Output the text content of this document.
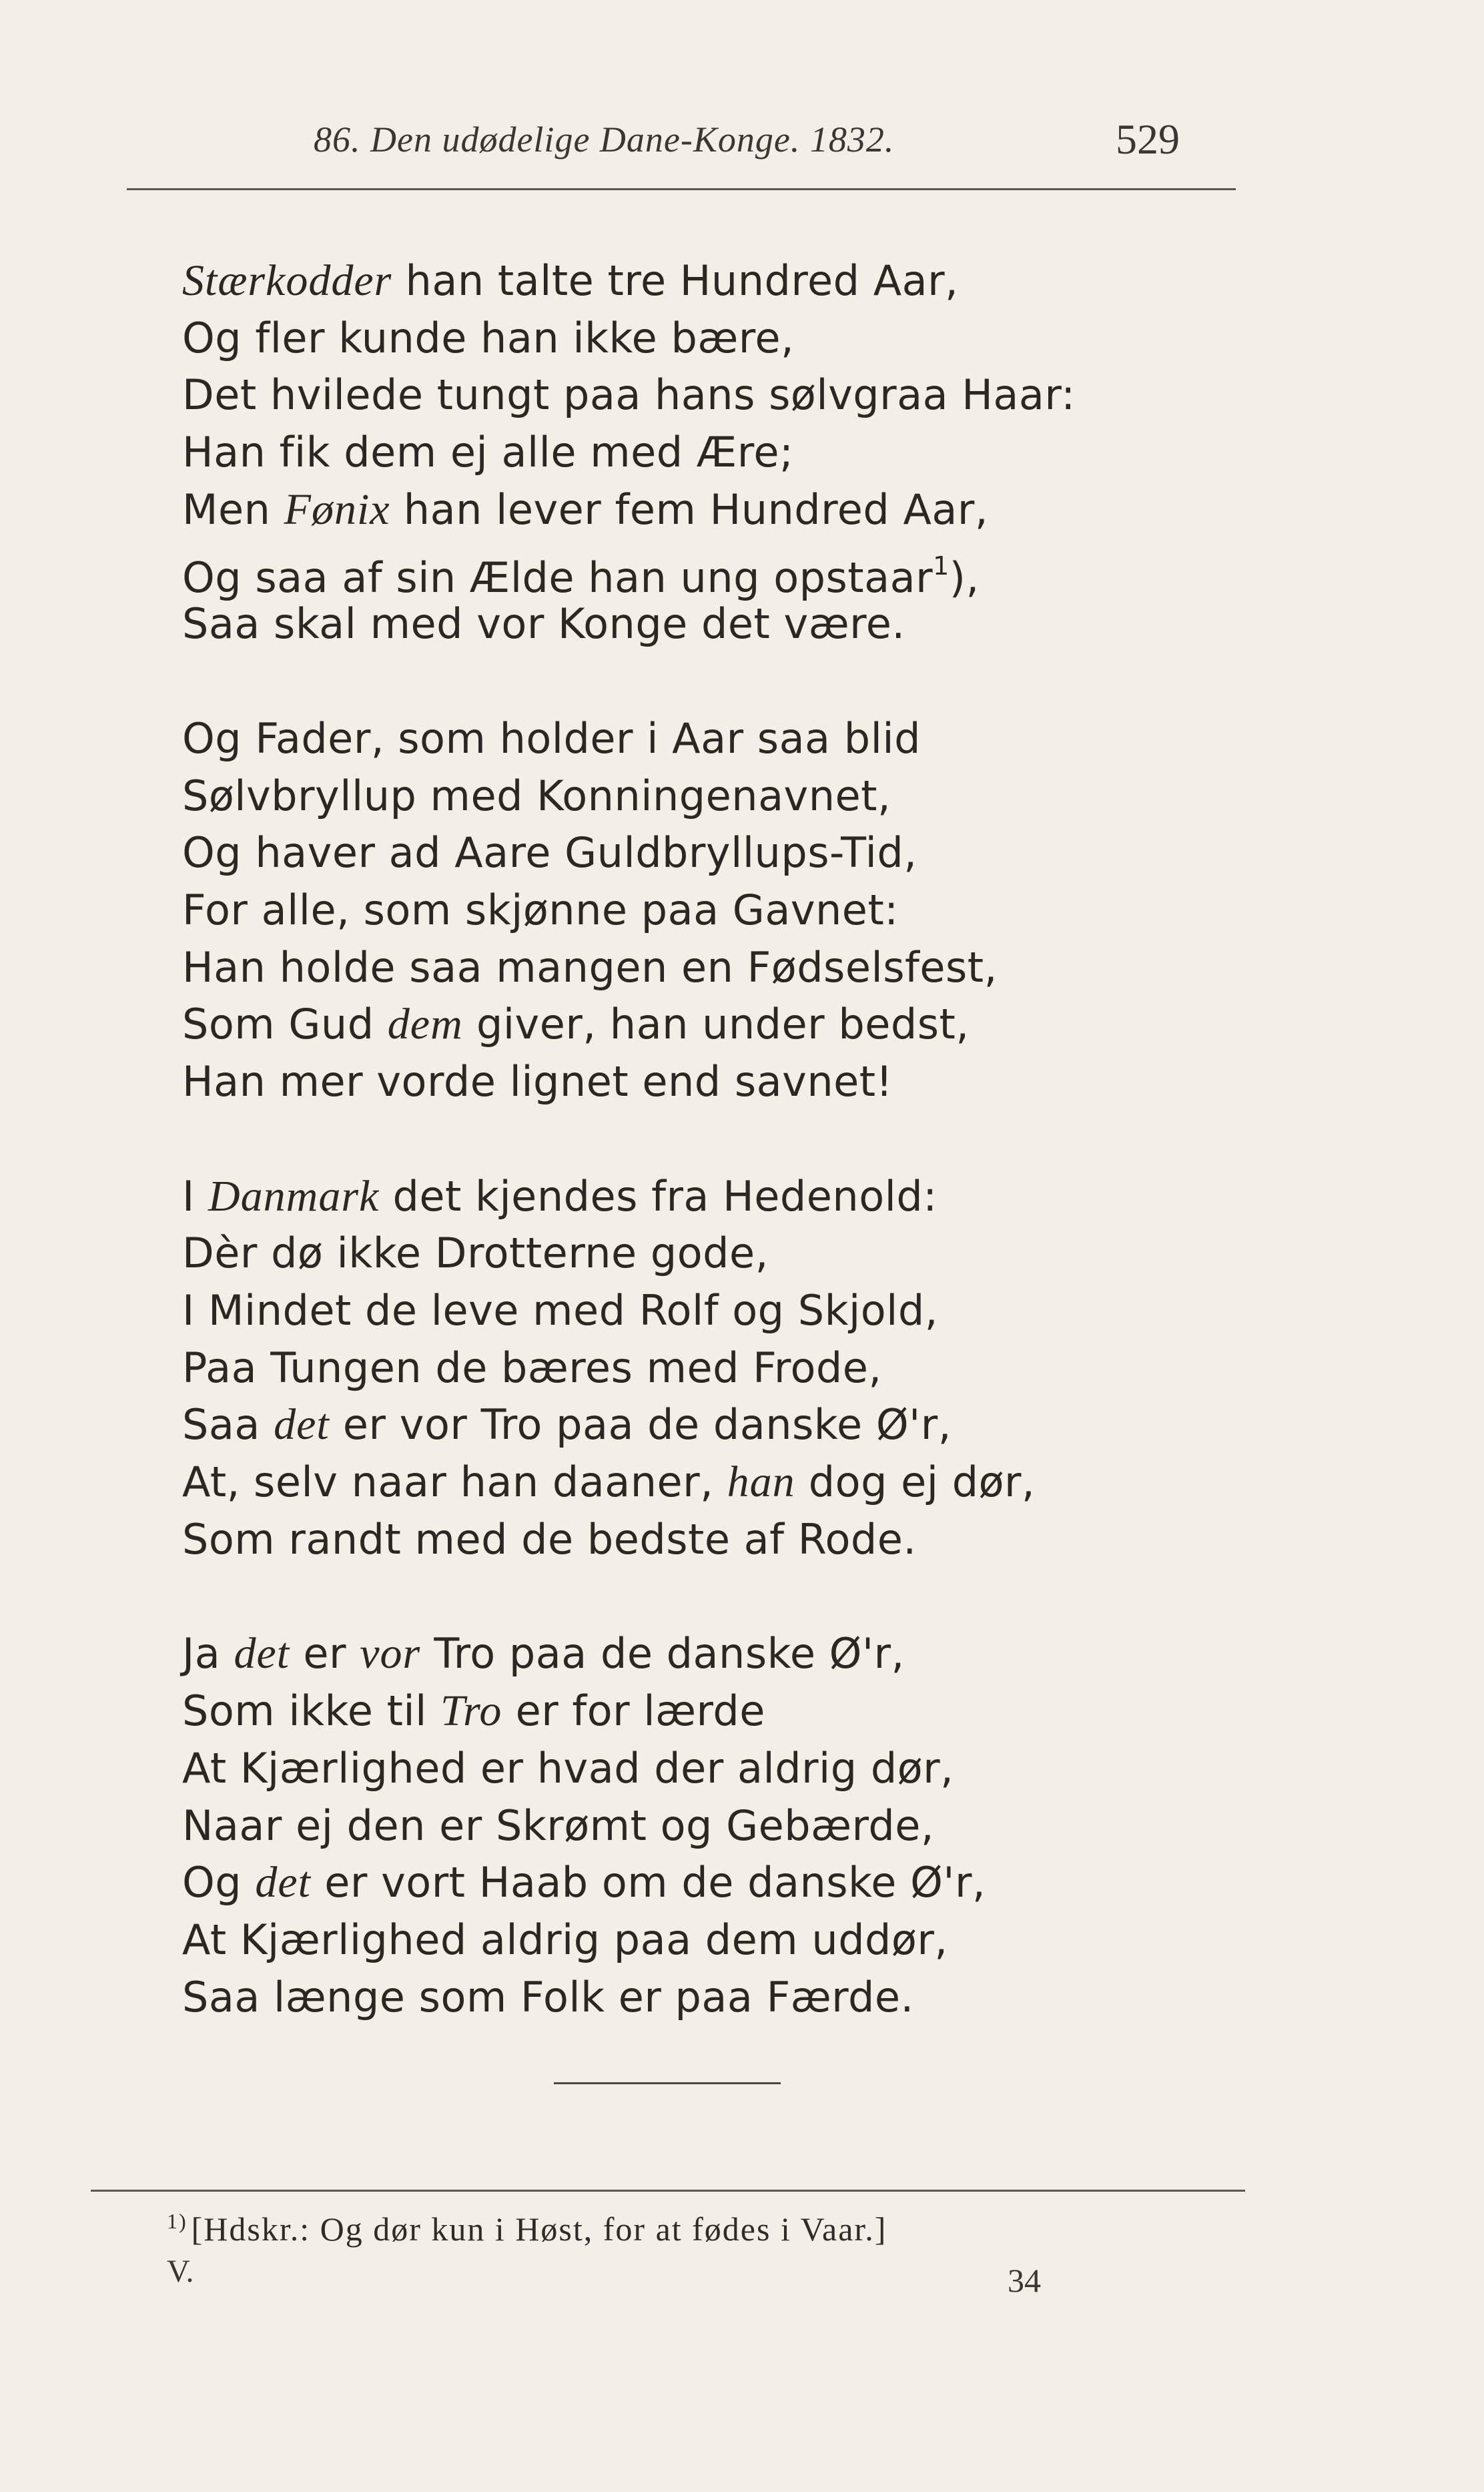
86. Den udødelige Dane-Konge. 1832.	529
Stærkodder han talte tre Hundred Aar,
Og fler kunde han ikke bære,
Det hvilede tungt paa hans sølvgraa Haar:
Han fik dem ej alle med Ære;
Men Fønix han lever fem Hundred Aar,
Og saa af sin Ælde han ung opstaar$^1$),
Saa skal med vor Konge det være.
Og Fader, som holder i Aar saa blid
Sølvbryllup med Konningenavnet,
Og haver ad Aare Guldbryllups-Tid,
For alle, som skjønne paa Gavnet:
Han holde saa mangen en Fødselsfest,
Som Gud dem giver, han under bedst,
Han mer vorde lignet end savnet!
I Danmark det kjendes fra Hedenold:
Dèr dø ikke Drotterne gode,
I Mindet de leve med Rolf og Skjold,
Paa Tungen de bæres med Frode,
Saa det er vor Tro paa de danske Ø'r,
At, selv naar han daaner, han dog ej dør,
Som randt med de bedste af Rode.
Ja det er vor Tro paa de danske Ø'r,
Som ikke til Tro er for lærde
At Kjærlighed er hvad der aldrig dør,
Naar ej den er Skrømt og Gebærde,
Og det er vort Haab om de danske Ø'r,
At Kjærlighed aldrig paa dem uddør,
Saa længe som Folk er paa Færde.
$^{1)}$ [Hdskr.: Og dør kun i Høst, for at fødes i Vaar.]
V.	34
